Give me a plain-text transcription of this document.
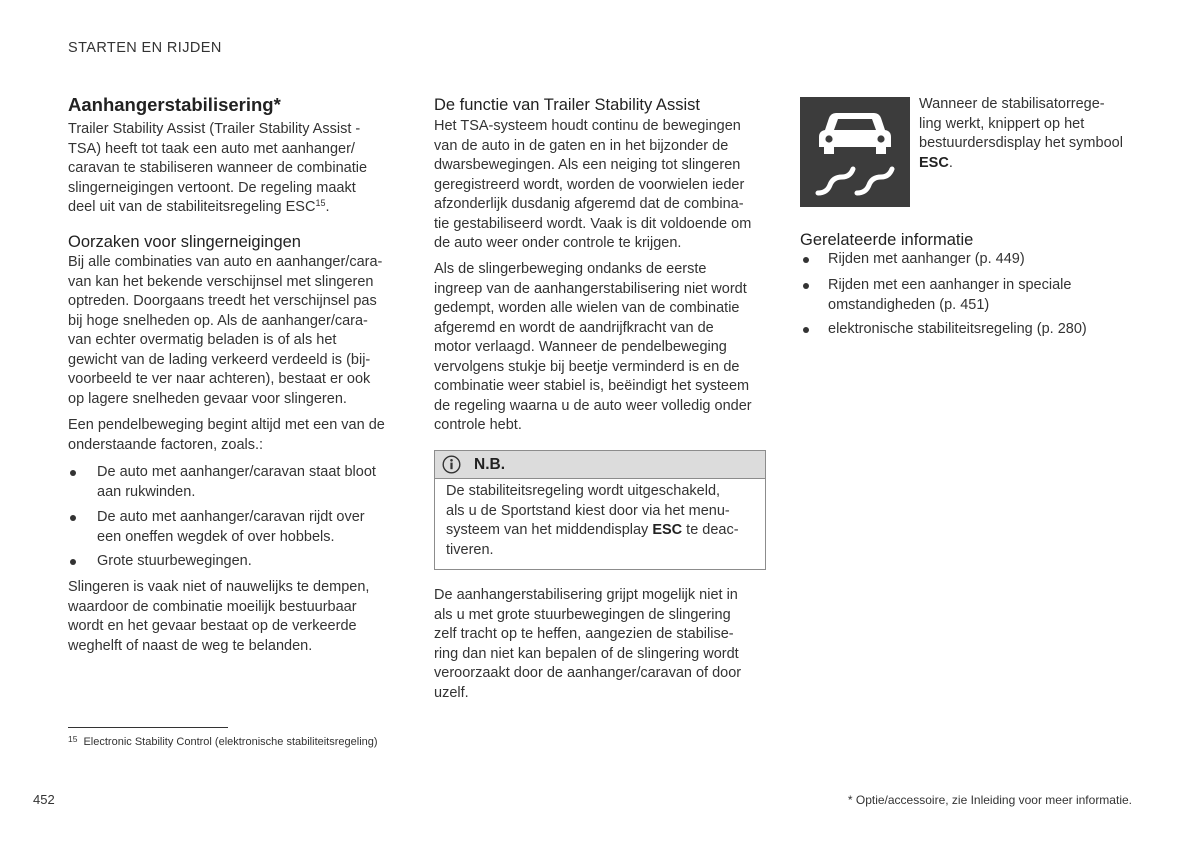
STARTEN EN RIJDEN
Aanhangerstabilisering*
Trailer Stability Assist (Trailer Stability Assist -
TSA) heeft tot taak een auto met aanhanger/
caravan te stabiliseren wanneer de combinatie
slingerneigingen vertoont. De regeling maakt
deel uit van de stabiliteitsregeling ESC$^{15}$.
Oorzaken voor slingerneigingen
Bij alle combinaties van auto en aanhanger/cara-
van kan het bekende verschijnsel met slingeren
optreden. Doorgaans treedt het verschijnsel pas
bij hoge snelheden op. Als de aanhanger/cara-
van echter overmatig beladen is of als het
gewicht van de lading verkeerd verdeeld is (bij-
voorbeeld te ver naar achteren), bestaat er ook
op lagere snelheden gevaar voor slingeren.
Een pendelbeweging begint altijd met een van de
onderstaande factoren, zoals.:
De auto met aanhanger/caravan staat bloot
aan rukwinden.
De auto met aanhanger/caravan rijdt over
een oneffen wegdek of over hobbels.
Grote stuurbewegingen.
Slingeren is vaak niet of nauwelijks te dempen,
waardoor de combinatie moeilijk bestuurbaar
wordt en het gevaar bestaat op de verkeerde
weghelft of naast de weg te belanden.
De functie van Trailer Stability Assist
Het TSA-systeem houdt continu de bewegingen
van de auto in de gaten en in het bijzonder de
dwarsbewegingen. Als een neiging tot slingeren
geregistreerd wordt, worden de voorwielen ieder
afzonderlijk dusdanig afgeremd dat de combina-
tie gestabiliseerd wordt. Vaak is dit voldoende om
de auto weer onder controle te krijgen.
Als de slingerbeweging ondanks de eerste
ingreep van de aanhangerstabilisering niet wordt
gedempt, worden alle wielen van de combinatie
afgeremd en wordt de aandrijfkracht van de
motor verlaagd. Wanneer de pendelbeweging
vervolgens stukje bij beetje verminderd is en de
combinatie weer stabiel is, beëindigt het systeem
de regeling waarna u de auto weer volledig onder
controle hebt.
N.B.
De stabiliteitsregeling wordt uitgeschakeld,
als u de Sportstand kiest door via het menu-
systeem van het middendisplay ESC te deac-
tiveren.
De aanhangerstabilisering grijpt mogelijk niet in
als u met grote stuurbewegingen de slingering
zelf tracht op te heffen, aangezien de stabilise-
ring dan niet kan bepalen of de slingering wordt
veroorzaakt door de aanhanger/caravan of door
uzelf.
Wanneer de stabilisatorrege-
ling werkt, knippert op het
bestuurdersdisplay het symbool
ESC.
Gerelateerde informatie
Rijden met aanhanger (p. 449)
Rijden met een aanhanger in speciale
omstandigheden (p. 451)
elektronische stabiliteitsregeling (p. 280)
$^{15}$ Electronic Stability Control (elektronische stabiliteitsregeling)
452	* Optie/accessoire, zie Inleiding voor meer informatie.
